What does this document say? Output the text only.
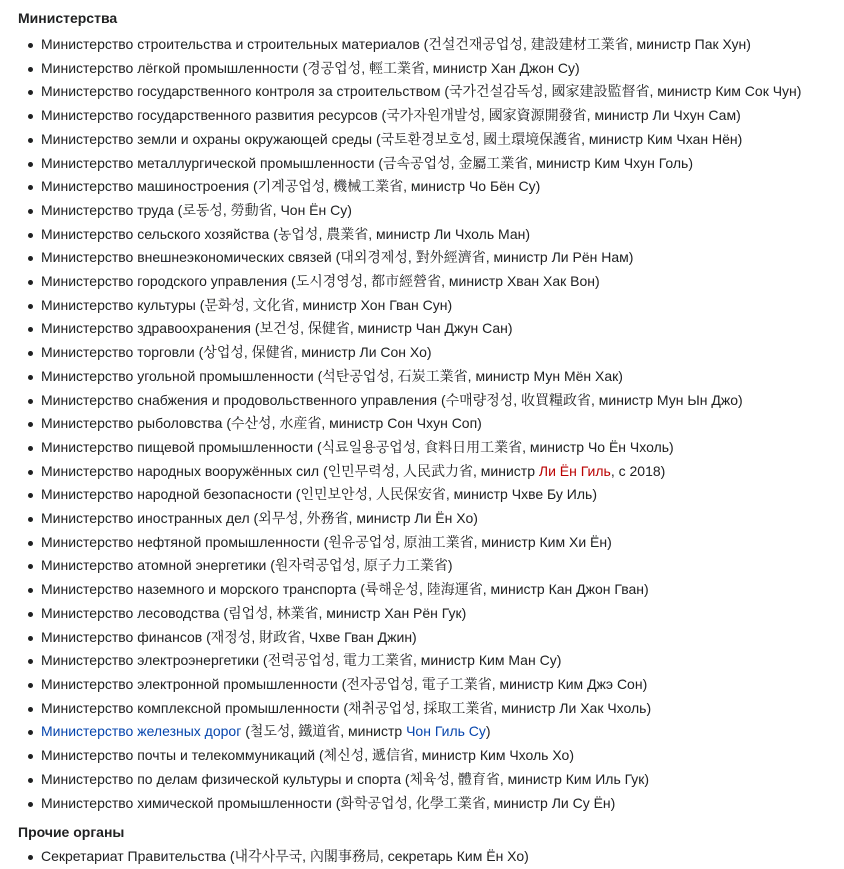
Министерства
Министерство строительства и строительных материалов (건설건재공업성, 建設建材工業省, министр Пак Хун)
Министерство лёгкой промышленности (경공업성, 輕工業省, министр Хан Джон Су)
Министерство государственного контроля за строительством (국가건설감독성, 國家建設監督省, министр Ким Сок Чун)
Министерство государственного развития ресурсов (국가자원개발성, 國家資源開發省, министр Ли Чхун Сам)
Министерство земли и охраны окружающей среды (국토환경보호성, 國土環境保護省, министр Ким Чхан Нён)
Министерство металлургической промышленности (금속공업성, 金屬工業省, министр Ким Чхун Голь)
Министерство машиностроения (기계공업성, 機械工業省, министр Чо Бён Су)
Министерство труда (로동성, 勞動省, Чон Ён Су)
Министерство сельского хозяйства (농업성, 農業省, министр Ли Чхоль Ман)
Министерство внешнеэкономических связей (대외경제성, 對外經濟省, министр Ли Рён Нам)
Министерство городского управления (도시경영성, 都市經營省, министр Хван Хак Вон)
Министерство культуры (문화성, 文化省, министр Хон Гван Сун)
Министерство здравоохранения (보건성, 保健省, министр Чан Джун Сан)
Министерство торговли (상업성, 保健省, министр Ли Сон Хо)
Министерство угольной промышленности (석탄공업성, 石炭工業省, министр Мун Мён Хак)
Министерство снабжения и продовольственного управления (수매량정성, 收買糧政省, министр Мун Ын Джо)
Министерство рыболовства (수산성, 水産省, министр Сон Чхун Соп)
Министерство пищевой промышленности (식료일용공업성, 食料日用工業省, министр Чо Ён Чхоль)
Министерство народных вооружённых сил (인민무력성, 人民武力省, министр Ли Ён Гиль, с 2018)
Министерство народной безопасности (인민보안성, 人民保安省, министр Чхве Бу Иль)
Министерство иностранных дел (외무성, 外務省, министр Ли Ён Хо)
Министерство нефтяной промышленности (원유공업성, 原油工業省, министр Ким Хи Ён)
Министерство атомной энергетики (원자력공업성, 原子力工業省)
Министерство наземного и морского транспорта (륙해운성, 陸海運省, министр Кан Джон Гван)
Министерство лесоводства (림업성, 林業省, министр Хан Рён Гук)
Министерство финансов (재정성, 財政省, Чхве Гван Джин)
Министерство электроэнергетики (전력공업성, 電力工業省, министр Ким Ман Су)
Министерство электронной промышленности (전자공업성, 電子工業省, министр Ким Джэ Сон)
Министерство комплексной промышленности (채취공업성, 採取工業省, министр Ли Хак Чхоль)
Министерство железных дорог (철도성, 鐵道省, министр Чон Гиль Су)
Министерство почты и телекоммуникаций (체신성, 遞信省, министр Ким Чхоль Хо)
Министерство по делам физической культуры и спорта (체육성, 體育省, министр Ким Иль Гук)
Министерство химической промышленности (화학공업성, 化學工業省, министр Ли Су Ён)
Прочие органы
Секретариат Правительства (내각사무국, 內閣事務局, секретарь Ким Ён Хо)
